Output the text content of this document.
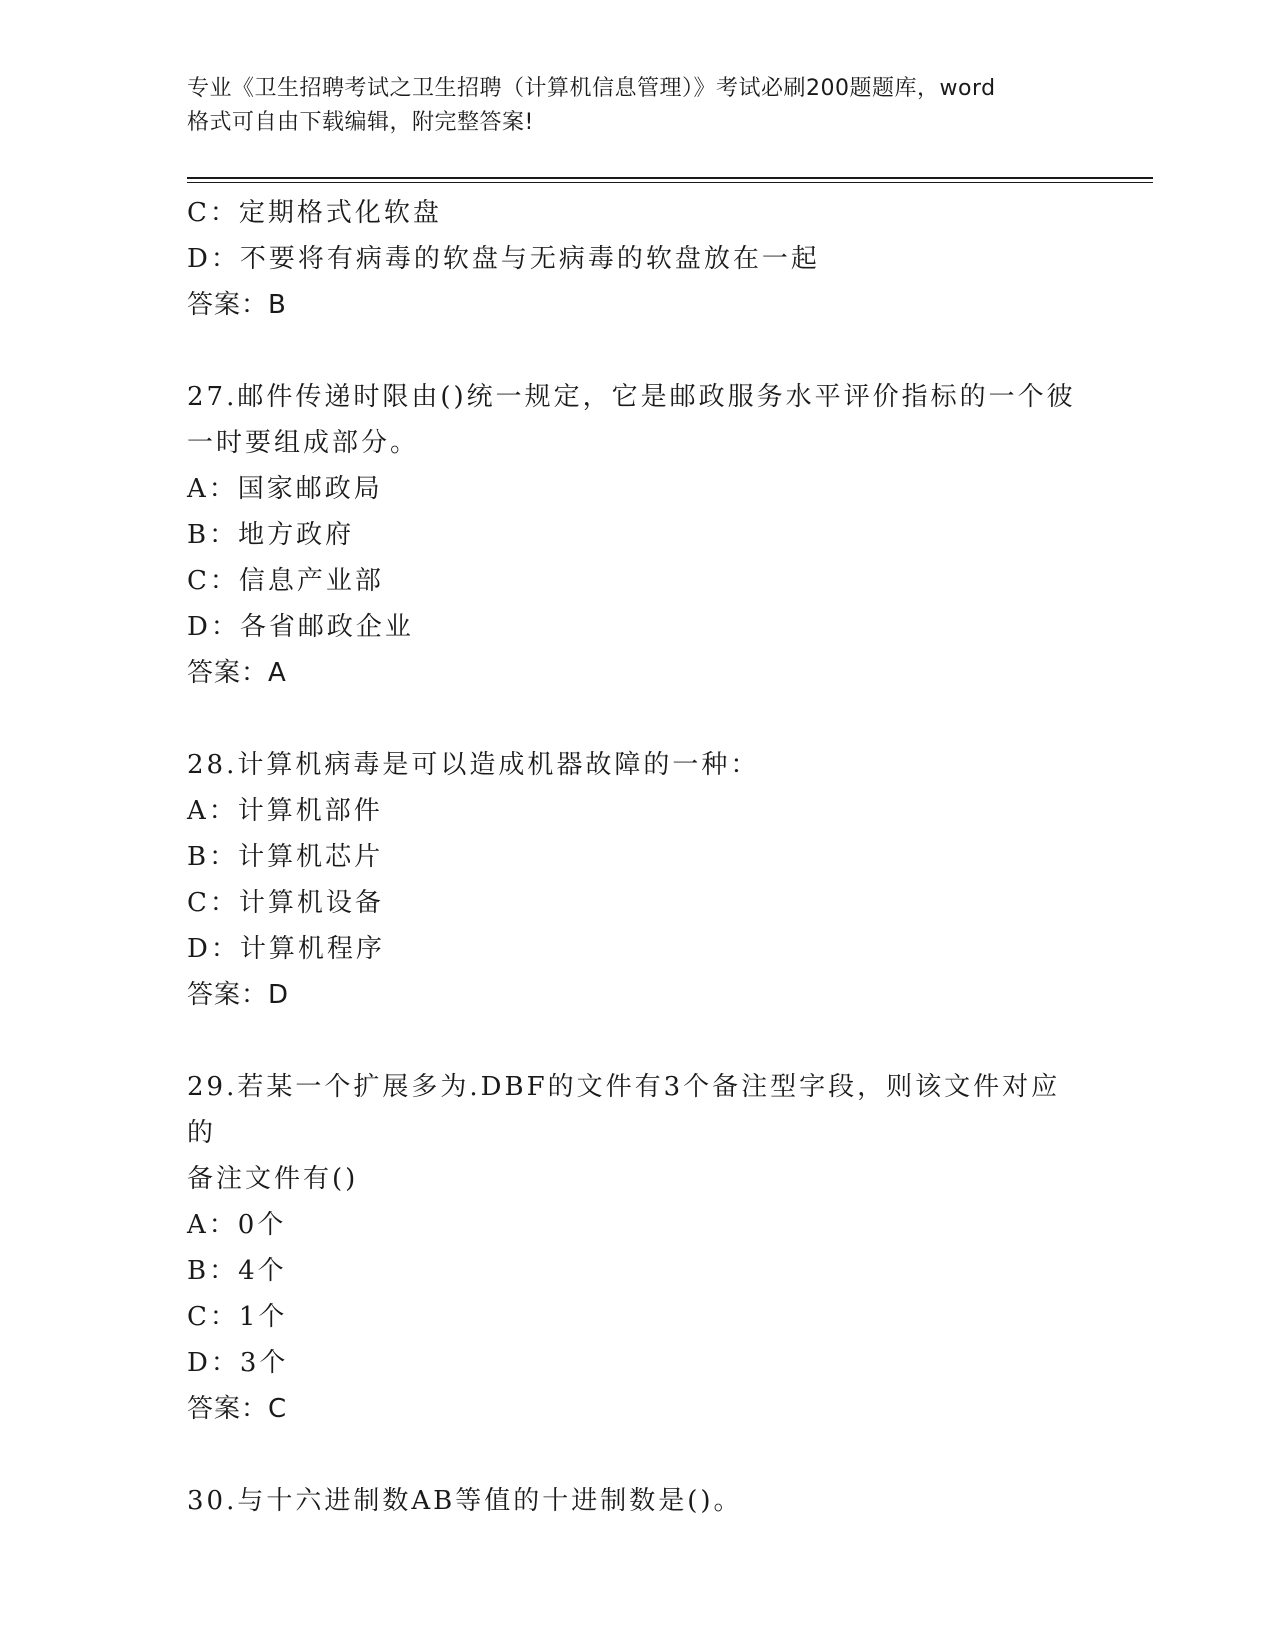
专业《卫生招聘考试之卫生招聘（计算机信息管理）》考试必刷200题题库，word
格式可自由下载编辑，附完整答案!
C：定期格式化软盘
D：不要将有病毒的软盘与无病毒的软盘放在一起
答案：B
27.邮件传递时限由()统一规定，它是邮政服务水平评价指标的一个彼
一时要组成部分。
A：国家邮政局
B：地方政府
C：信息产业部
D：各省邮政企业
答案：A
28.计算机病毒是可以造成机器故障的一种：
A：计算机部件
B：计算机芯片
C：计算机设备
D：计算机程序
答案：D
29.若某一个扩展多为.DBF的文件有3个备注型字段，则该文件对应的
备注文件有()
A：0个
B：4个
C：1个
D：3个
答案：C
30.与十六进制数AB等值的十进制数是()。
